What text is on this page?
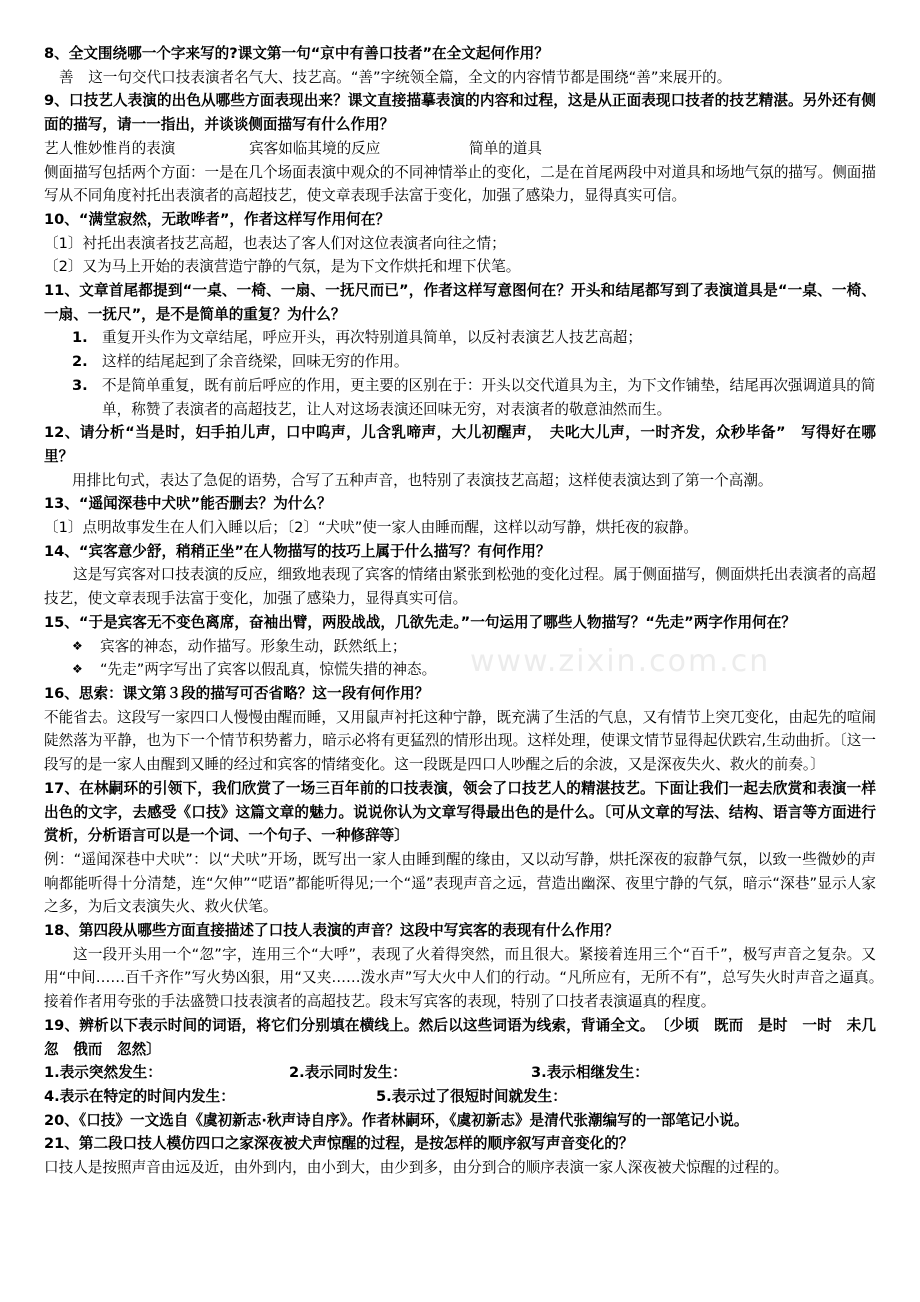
8、全文围绕哪一个字来写的?课文第一句“京中有善口技者”在全文起何作用？

善　这一句交代口技表演者名气大、技艺高。“善”字统领全篇，全文的内容情节都是围绕“善”来展开的。

9、口技艺人表演的出色从哪些方面表现出来？课文直接描摹表演的内容和过程，这是从正面表现口技者的技艺精湛。另外还有侧面的描写，请一一指出，并谈谈侧面描写有什么作用？

艺人惟妙惟肖的表演	宾客如临其境的反应	简单的道具

侧面描写包括两个方面：一是在几个场面表演中观众的不同神情举止的变化，二是在首尾两段中对道具和场地气氛的描写。侧面描写从不同角度衬托出表演者的高超技艺，使文章表现手法富于变化，加强了感染力，显得真实可信。

10、“满堂寂然，无敢哗者”，作者这样写作用何在？

〔1〕衬托出表演者技艺高超，也表达了客人们对这位表演者向往之情；

〔2〕又为马上开始的表演营造宁静的气氛，是为下文作烘托和埋下伏笔。

11、文章首尾都提到“一桌、一椅、一扇、一抚尺而已”，作者这样写意图何在？开头和结尾都写到了表演道具是“一桌、一椅、一扇、一抚尺”，是不是简单的重复？为什么？

1. 重复开头作为文章结尾，呼应开头，再次特别道具简单，以反衬表演艺人技艺高超；
2. 这样的结尾起到了余音绕梁，回味无穷的作用。
3. 不是简单重复，既有前后呼应的作用，更主要的区别在于：开头以交代道具为主，为下文作铺垫，结尾再次强调道具的简单，称赞了表演者的高超技艺，让人对这场表演还回味无穷，对表演者的敬意油然而生。

12、请分析“当是时，妇手拍儿声，口中呜声，儿含乳啼声，大儿初醒声，　夫叱大儿声，一时齐发，众秒毕备”　写得好在哪里？

用排比句式，表达了急促的语势，合写了五种声音，也特别了表演技艺高超；这样使表演达到了第一个高潮。

13、“遥闻深巷中犬吠”能否删去？为什么？

〔1〕点明故事发生在人们入睡以后；〔2〕“犬吠”使一家人由睡而醒，这样以动写静，烘托夜的寂静。

14、“宾客意少舒，稍稍正坐”在人物描写的技巧上属于什么描写？有何作用？

这是写宾客对口技表演的反应，细致地表现了宾客的情绪由紧张到松弛的变化过程。属于侧面描写，侧面烘托出表演者的高超技艺，使文章表现手法富于变化，加强了感染力，显得真实可信。

15、“于是宾客无不变色离席，奋袖出臂，两股战战，几欲先走。”一句运用了哪些人物描写？“先走”两字作用何在？

❖	宾客的神态，动作描写。形象生动，跃然纸上；
❖	“先走”两字写出了宾客以假乱真，惊慌失措的神态。

16、思索：课文第３段的描写可否省略？这一段有何作用？

不能省去。这段写一家四口人慢慢由醒而睡，又用鼠声衬托这种宁静，既充满了生活的气息，又有情节上突兀变化，由起先的喧闹陡然落为平静，也为下一个情节积势蓄力，暗示必将有更猛烈的情形出现。这样处理，使课文情节显得起伏跌宕,生动曲折。〔这一段写的是一家人由醒到又睡的经过和宾客的情绪变化。这一段既是四口人吵醒之后的余波，又是深夜失火、救火的前奏。〕

17、在林嗣环的引领下，我们欣赏了一场三百年前的口技表演，领会了口技艺人的精湛技艺。下面让我们一起去欣赏和表演一样出色的文字，去感受《口技》这篇文章的魅力。说说你认为文章写得最出色的是什么。〔可从文章的写法、结构、语言等方面进行赏析，分析语言可以是一个词、一个句子、一种修辞等〕

例：“遥闻深巷中犬吠”：以“犬吠”开场，既写出一家人由睡到醒的缘由，又以动写静，烘托深夜的寂静气氛，以致一些微妙的声响都能听得十分清楚，连“欠伸”“呓语”都能听得见;一个“遥”表现声音之远，营造出幽深、夜里宁静的气氛，暗示“深巷”显示人家之多，为后文表演失火、救火伏笔。

18、第四段从哪些方面直接描述了口技人表演的声音？这段中写宾客的表现有什么作用？

这一段开头用一个“忽”字，连用三个“大呼”，表现了火着得突然，而且很大。紧接着连用三个“百千”，极写声音之复杂。又用“中间……百千齐作”写火势凶狠，用“又夹……泼水声”写大火中人们的行动。“凡所应有，无所不有”，总写失火时声音之逼真。　接着作者用夸张的手法盛赞口技表演者的高超技艺。段末写宾客的表现，特别了口技者表演逼真的程度。

19、辨析以下表示时间的词语，将它们分别填在横线上。然后以这些词语为线索，背诵全文。　〔少顷　既而　是时　一时　未几　忽　俄而　忽然〕

1.表示突然发生：	2.表示同时发生：	3.表示相继发生：

4.表示在特定的时间内发生：	5.表示过了很短时间就发生：

20、《口技》一文选自《虞初新志·秋声诗自序》。作者林嗣环，《虞初新志》是清代张潮编写的一部笔记小说。

21、第二段口技人模仿四口之家深夜被犬声惊醒的过程，是按怎样的顺序叙写声音变化的？

口技人是按照声音由远及近，由外到内，由小到大，由少到多，由分到合的顺序表演一家人深夜被犬惊醒的过程的。

www.zixin.com.cn
